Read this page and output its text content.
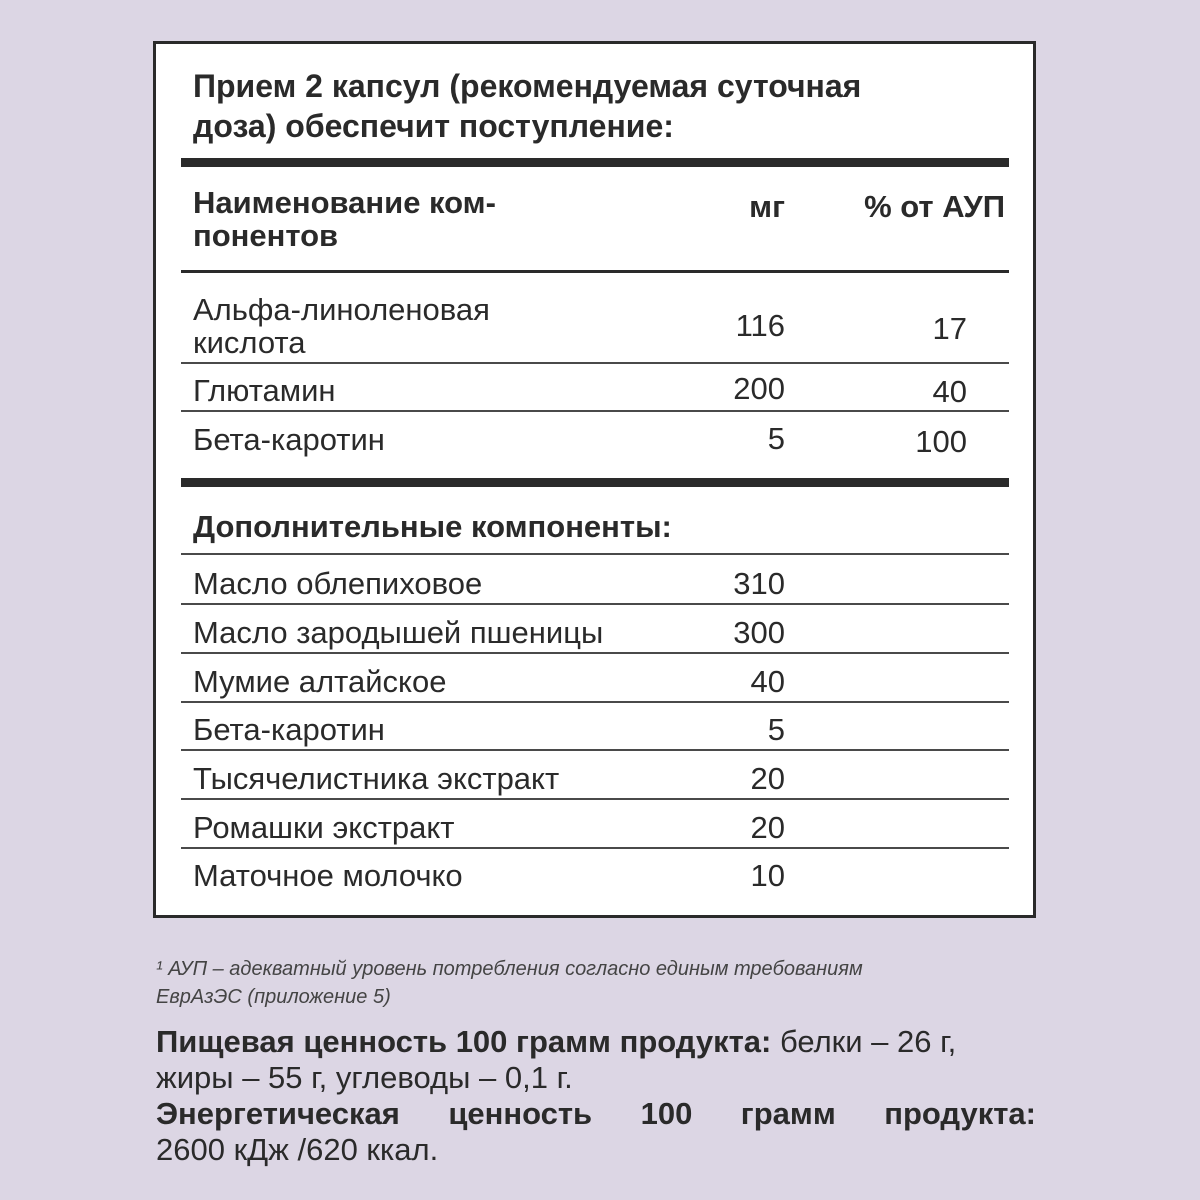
Прием 2 капсул (рекомендуемая суточная
доза) обеспечит поступление:
Наименование ком-
понентов
мг	% от АУП
Альфа-линоленовая
кислота	116	17
Глютамин	200	40
Бета-каротин	5	100
Дополнительные компоненты:
Масло облепиховое	310
Масло зародышей пшеницы	300
Мумие алтайское	40
Бета-каротин	5
Тысячелистника экстракт	20
Ромашки экстракт	20
Маточное молочко	10
¹ АУП – адекватный уровень потребления согласно единым требованиям
ЕврАзЭС (приложение 5)
Пищевая ценность 100 грамм продукта: белки – 26 г,
жиры – 55 г, углеводы – 0,1 г.
Энергетическая ценность 100 грамм продукта:
2600 кДж /620 ккал.
